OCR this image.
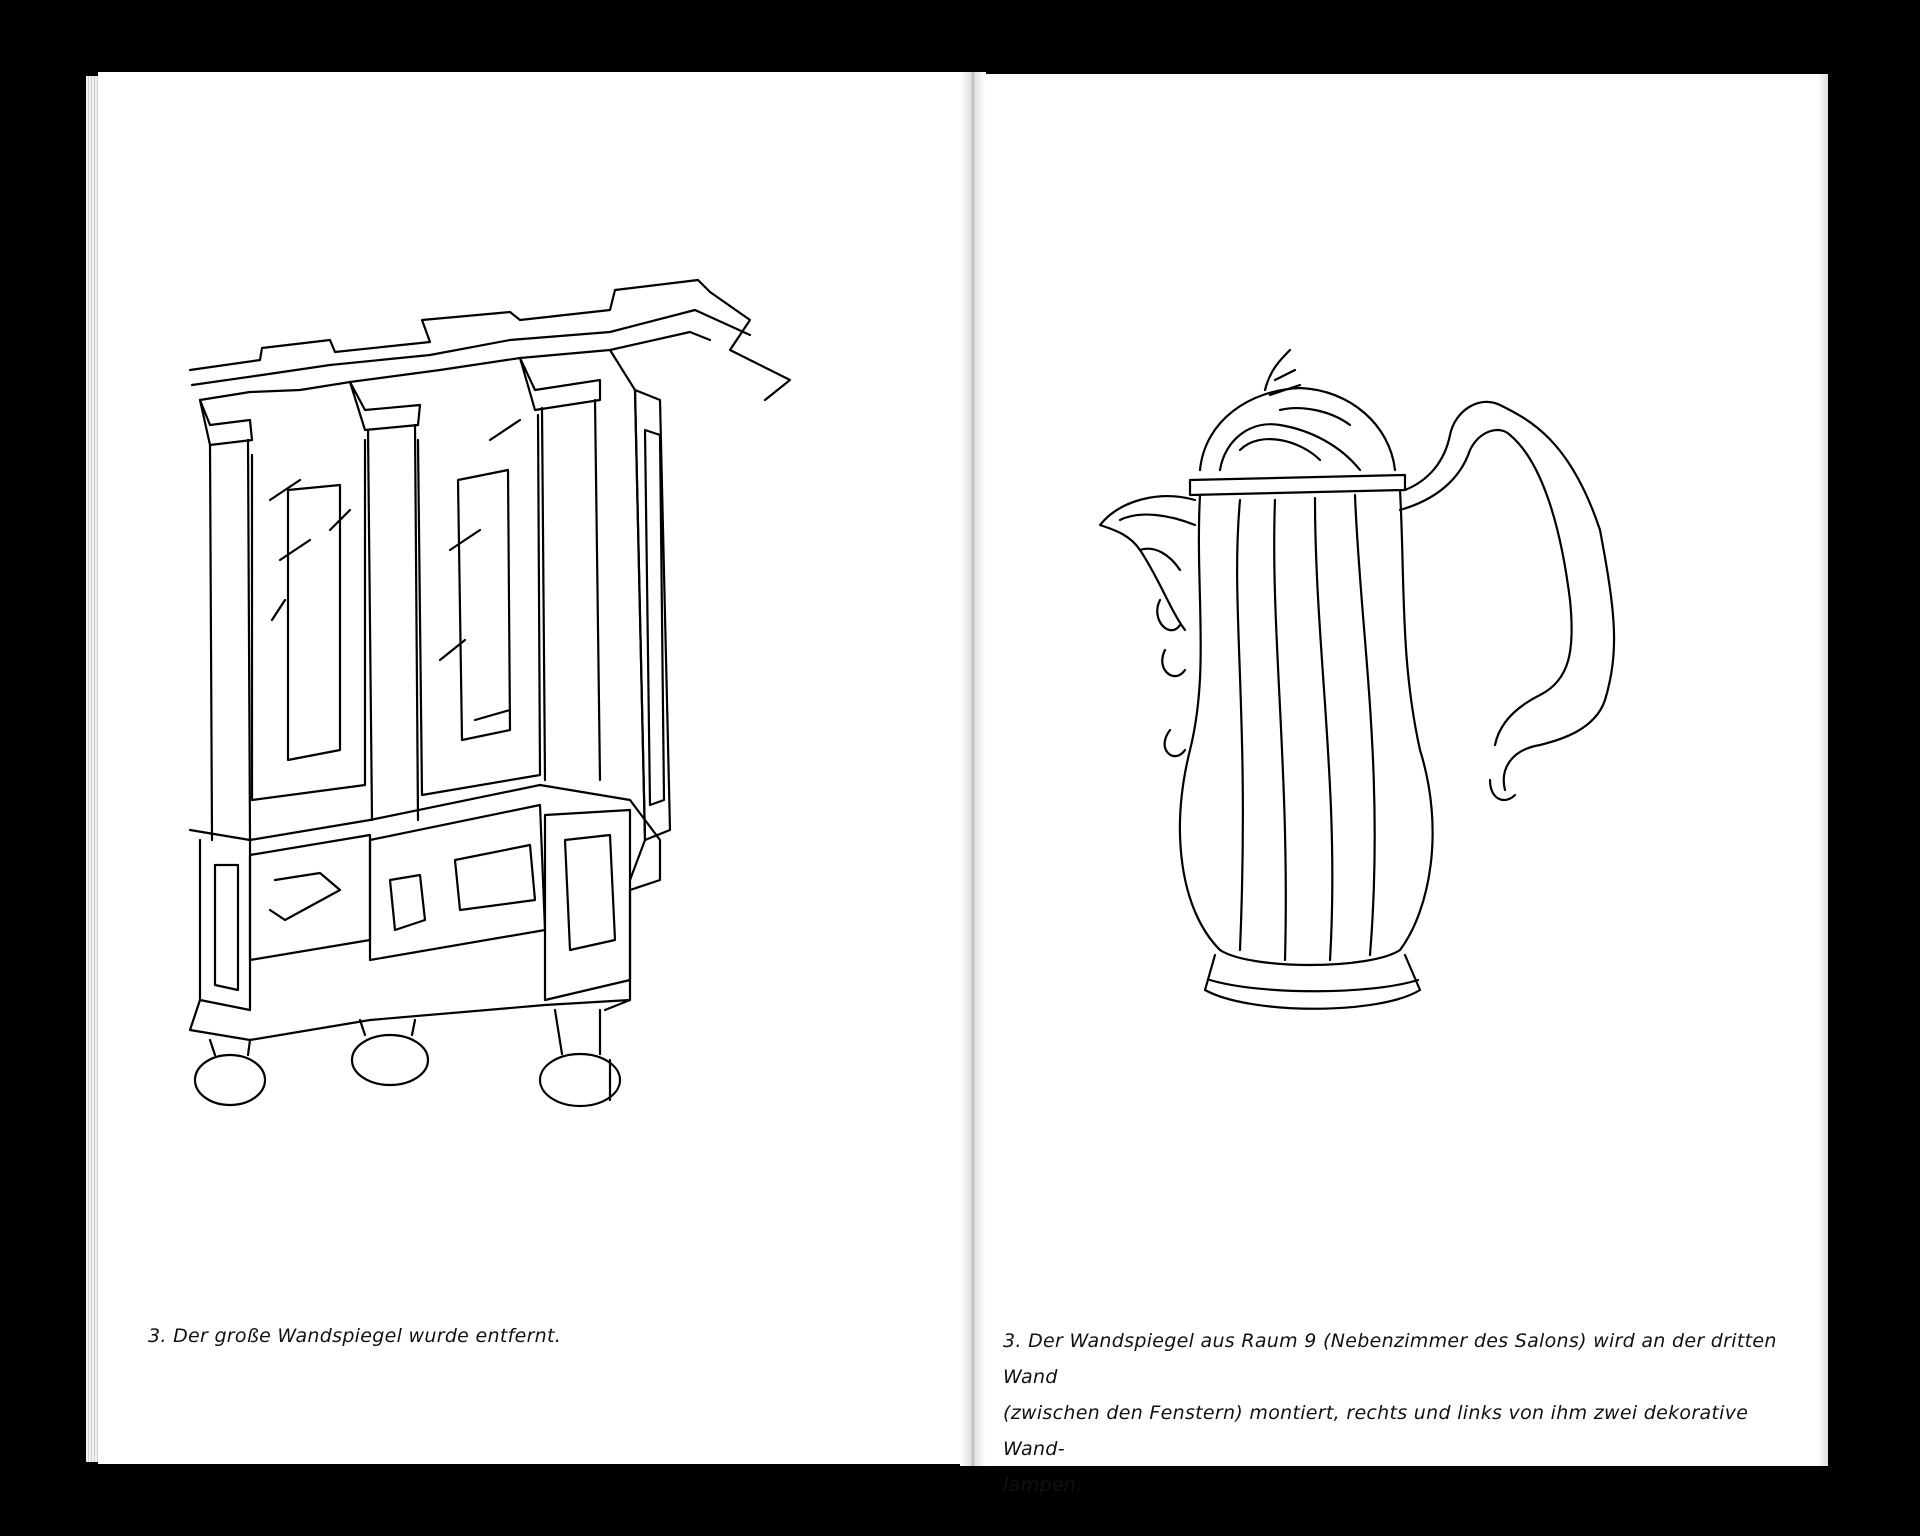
3. Der große Wandspiegel wurde entfernt.	3. Der Wandspiegel aus Raum 9 (Nebenzimmer des Salons) wird an der dritten Wand
(zwischen den Fenstern) montiert, rechts und links von ihm zwei dekorative Wand-
lampen.
